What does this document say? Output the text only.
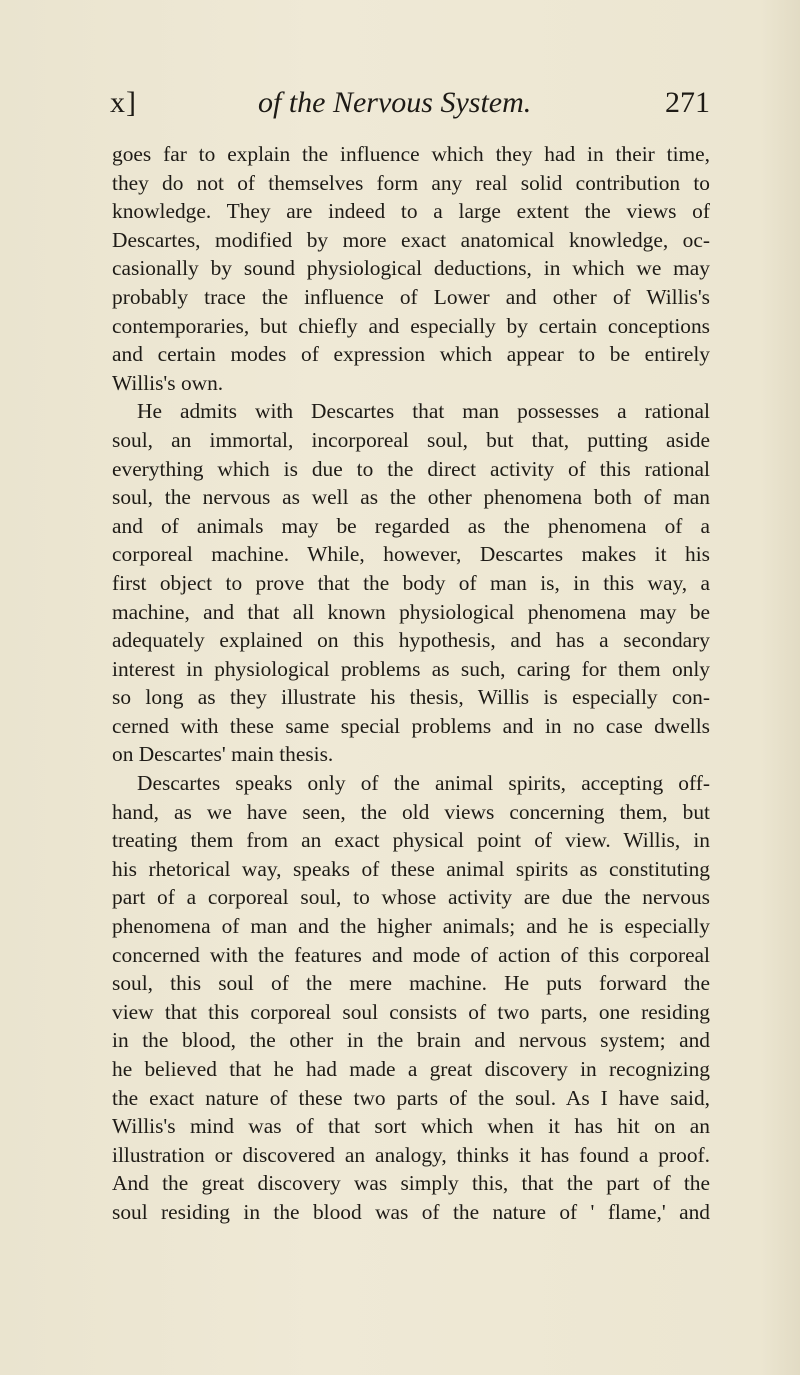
x]	of the Nervous System.	271
goes far to explain the influence which they had in their time,
they do not of themselves form any real solid contribution to
knowledge. They are indeed to a large extent the views of
Descartes, modified by more exact anatomical knowledge, oc-
casionally by sound physiological deductions, in which we may
probably trace the influence of Lower and other of Willis's
contemporaries, but chiefly and especially by certain conceptions
and certain modes of expression which appear to be entirely
Willis's own.
He admits with Descartes that man possesses a rational
soul, an immortal, incorporeal soul, but that, putting aside
everything which is due to the direct activity of this rational
soul, the nervous as well as the other phenomena both of man
and of animals may be regarded as the phenomena of a
corporeal machine. While, however, Descartes makes it his
first object to prove that the body of man is, in this way, a
machine, and that all known physiological phenomena may be
adequately explained on this hypothesis, and has a secondary
interest in physiological problems as such, caring for them only
so long as they illustrate his thesis, Willis is especially con-
cerned with these same special problems and in no case dwells
on Descartes' main thesis.
Descartes speaks only of the animal spirits, accepting off-
hand, as we have seen, the old views concerning them, but
treating them from an exact physical point of view. Willis, in
his rhetorical way, speaks of these animal spirits as constituting
part of a corporeal soul, to whose activity are due the nervous
phenomena of man and the higher animals; and he is especially
concerned with the features and mode of action of this corporeal
soul, this soul of the mere machine. He puts forward the
view that this corporeal soul consists of two parts, one residing
in the blood, the other in the brain and nervous system; and
he believed that he had made a great discovery in recognizing
the exact nature of these two parts of the soul. As I have said,
Willis's mind was of that sort which when it has hit on an
illustration or discovered an analogy, thinks it has found a proof.
And the great discovery was simply this, that the part of the
soul residing in the blood was of the nature of ' flame,' and
